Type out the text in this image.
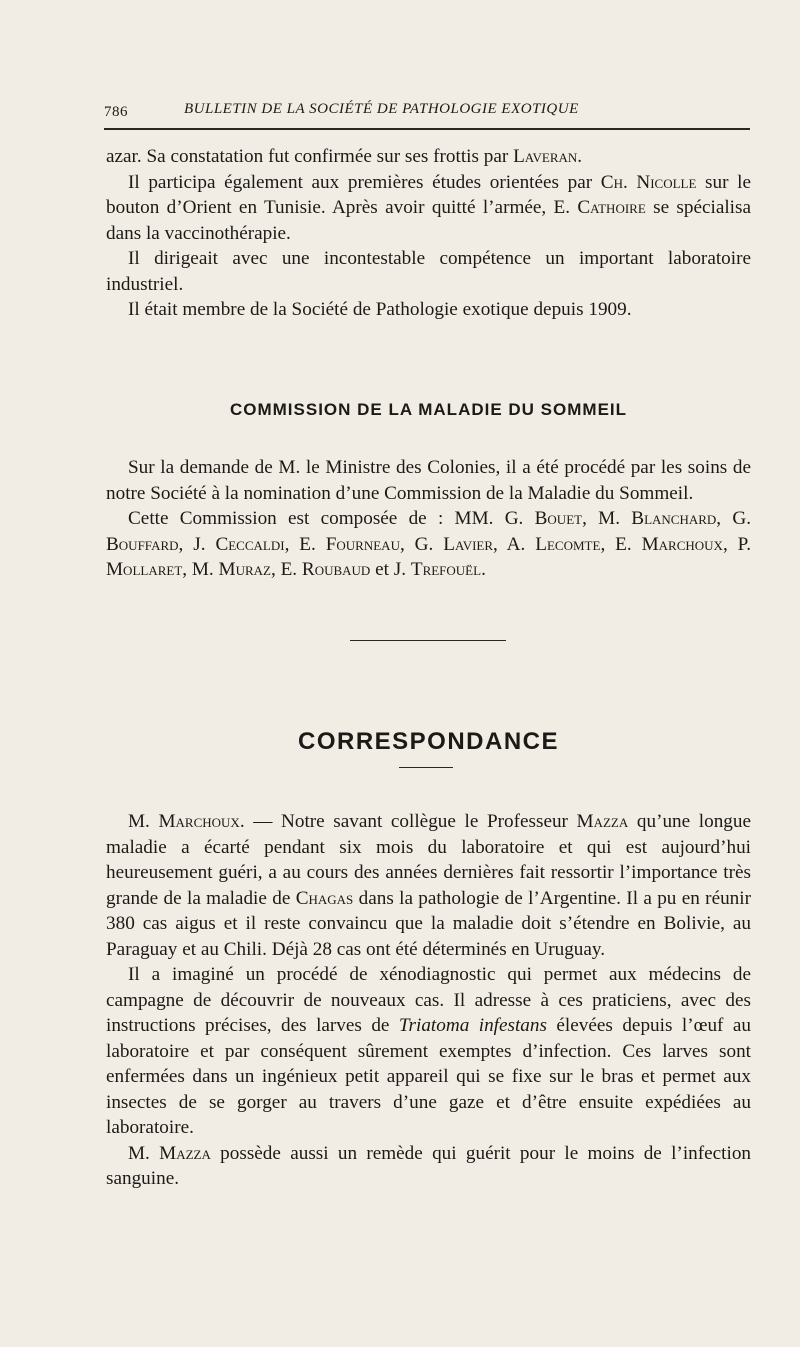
786	BULLETIN DE LA SOCIÉTÉ DE PATHOLOGIE EXOTIQUE

azar. Sa constatation fut confirmée sur ses frottis par Laveran.

Il participa également aux premières études orientées par Ch. Nicolle sur le bouton d’Orient en Tunisie. Après avoir quitté l’armée, E. Cathoire se spécialisa dans la vaccinothérapie.

Il dirigeait avec une incontestable compétence un important laboratoire industriel.

Il était membre de la Société de Pathologie exotique depuis 1909.

COMMISSION DE LA MALADIE DU SOMMEIL

Sur la demande de M. le Ministre des Colonies, il a été procédé par les soins de notre Société à la nomination d’une Commission de la Maladie du Sommeil.

Cette Commission est composée de : MM. G. Bouet, M. Blanchard, G. Bouffard, J. Ceccaldi, E. Fourneau, G. Lavier, A. Lecomte, E. Marchoux, P. Mollaret, M. Muraz, E. Roubaud et J. Trefouël.

CORRESPONDANCE

M. Marchoux. — Notre savant collègue le Professeur Mazza qu’une longue maladie a écarté pendant six mois du laboratoire et qui est aujourd’hui heureusement guéri, a au cours des années dernières fait ressortir l’importance très grande de la maladie de Chagas dans la pathologie de l’Argentine. Il a pu en réunir 380 cas aigus et il reste convaincu que la maladie doit s’étendre en Bolivie, au Paraguay et au Chili. Déjà 28 cas ont été déterminés en Uruguay.

Il a imaginé un procédé de xénodiagnostic qui permet aux médecins de campagne de découvrir de nouveaux cas. Il adresse à ces praticiens, avec des instructions précises, des larves de Triatoma infestans élevées depuis l’œuf au laboratoire et par conséquent sûrement exemptes d’infection. Ces larves sont enfermées dans un ingénieux petit appareil qui se fixe sur le bras et permet aux insectes de se gorger au travers d’une gaze et d’être ensuite expédiées au laboratoire.

M. Mazza possède aussi un remède qui guérit pour le moins de l’infection sanguine.
